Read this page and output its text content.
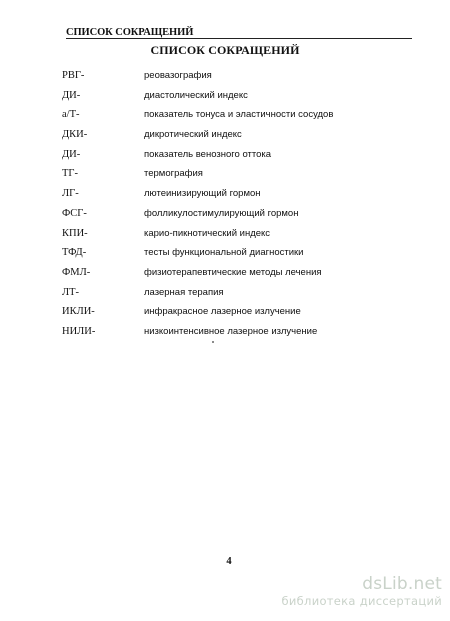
СПИСОК СОКРАЩЕНИЙ
СПИСОК СОКРАЩЕНИЙ
РВГ-	реовазография
ДИ-	диастолический индекс
а/Т-	показатель тонуса и эластичности сосудов
ДКИ-	дикротический индекс
ДИ-	показатель венозного оттока
ТГ-	термография
ЛГ-	лютеинизирующий гормон
ФСГ-	фолликулостимулирующий гормон
КПИ-	карио-пикнотический индекс
ТФД-	тесты функциональной диагностики
ФМЛ-	физиотерапевтические методы лечения
ЛТ-	лазерная терапия
ИКЛИ-	инфракрасное лазерное излучение
НИЛИ-	низкоинтенсивное лазерное излучение
4
dsLib.net
библиотека диссертаций
